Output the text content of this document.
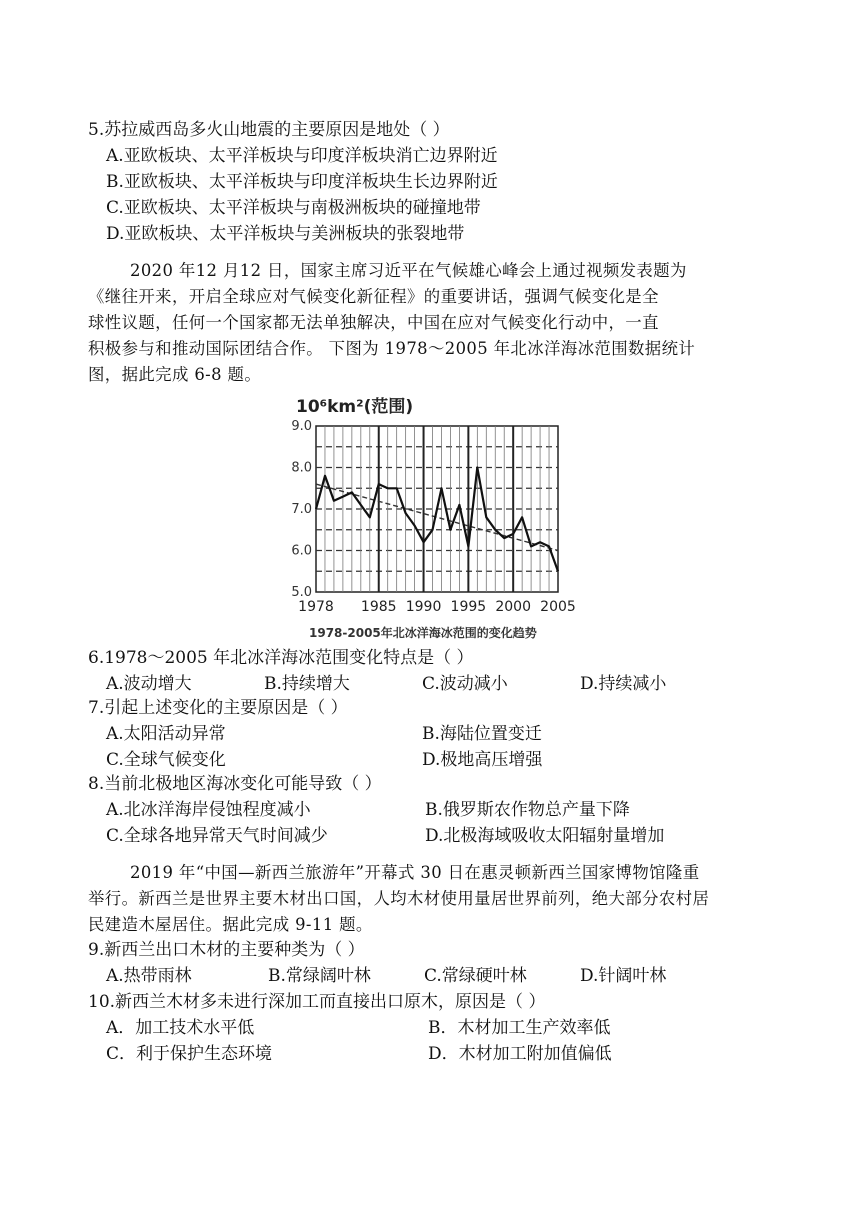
5.苏拉威西岛多火山地震的主要原因是地处（ ）
A.亚欧板块、太平洋板块与印度洋板块消亡边界附近
B.亚欧板块、太平洋板块与印度洋板块生长边界附近
C.亚欧板块、太平洋板块与南极洲板块的碰撞地带
D.亚欧板块、太平洋板块与美洲板块的张裂地带
2020 年12 月12 日，国家主席习近平在气候雄心峰会上通过视频发表题为
《继往开来，开启全球应对气候变化新征程》的重要讲话，强调气候变化是全
球性议题，任何一个国家都无法单独解决，中国在应对气候变化行动中，一直
积极参与和推动国际团结合作。 下图为 1978～2005 年北冰洋海冰范围数据统计
图，据此完成 6-8 题。
10⁶km²(范围)
1978-2005年北冰洋海冰范围的变化趋势
9.0
8.0
7.0
6.0
5.0
1978 1985 1990 1995 2000 2005
6.1978～2005 年北冰洋海冰范围变化特点是（ ）
A.波动增大	B.持续增大	C.波动减小	D.持续减小
7.引起上述变化的主要原因是（ ）
A.太阳活动异常	B.海陆位置变迁
C.全球气候变化	D.极地高压增强
8.当前北极地区海冰变化可能导致（ ）
A.北冰洋海岸侵蚀程度减小	B.俄罗斯农作物总产量下降
C.全球各地异常天气时间减少	D.北极海域吸收太阳辐射量增加
2019 年“中国—新西兰旅游年”开幕式 30 日在惠灵顿新西兰国家博物馆隆重
举行。新西兰是世界主要木材出口国，人均木材使用量居世界前列，绝大部分农村居
民建造木屋居住。据此完成 9-11 题。
9.新西兰出口木材的主要种类为（ ）
A.热带雨林	B.常绿阔叶林	C.常绿硬叶林	D.针阔叶林
10.新西兰木材多未进行深加工而直接出口原木，原因是（ ）
A．加工技术水平低	B．木材加工生产效率低
C．利于保护生态环境	D．木材加工附加值偏低
